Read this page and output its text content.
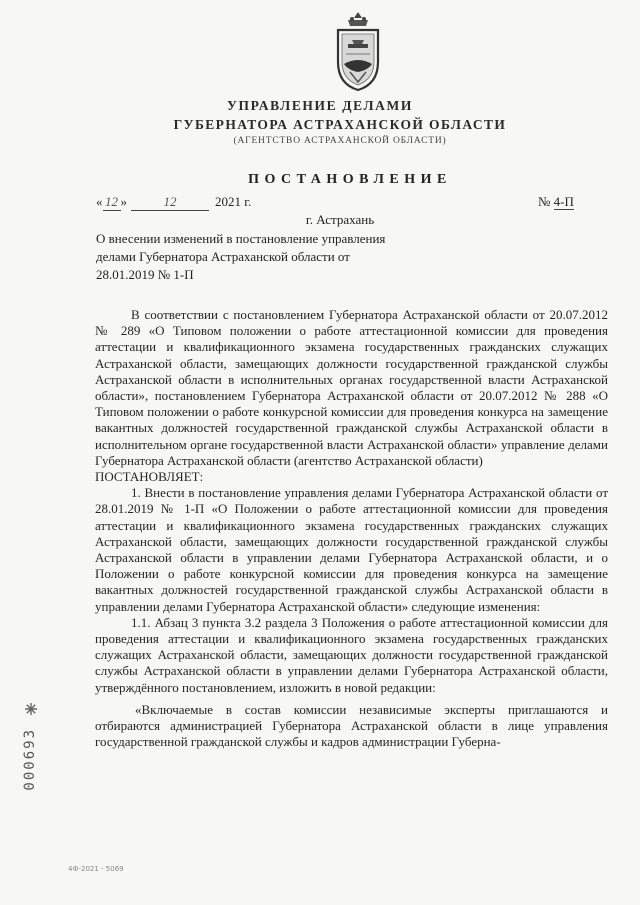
УПРАВЛЕНИЕ ДЕЛАМИ
ГУБЕРНАТОРА АСТРАХАНСКОЙ ОБЛАСТИ
(АГЕНТСТВО АСТРАХАНСКОЙ ОБЛАСТИ)
ПОСТАНОВЛЕНИЕ
« 12 »	12	2021 г.	№ 4-П
г. Астрахань
О внесении изменений в постановление управления делами Губернатора Астраханской области от 28.01.2019 № 1-П

В соответствии с постановлением Губернатора Астраханской области от 20.07.2012 № 289 «О Типовом положении о работе аттестационной комиссии для проведения аттестации и квалификационного экзамена государственных гражданских служащих Астраханской области, замещающих должности государственной гражданской службы Астраханской области в исполнительных органах государственной власти Астраханской области», постановлением Губернатора Астраханской области от 20.07.2012 № 288 «О Типовом положении о работе конкурсной комиссии для проведения конкурса на замещение вакантных должностей государственной гражданской службы Астраханской области в исполнительном органе государственной власти Астраханской области» управление делами Губернатора Астраханской области (агентство Астраханской области)

ПОСТАНОВЛЯЕТ:

1. Внести в постановление управления делами Губернатора Астраханской области от 28.01.2019 № 1-П «О Положении о работе аттестационной комиссии для проведения аттестации и квалификационного экзамена государственных гражданских служащих Астраханской области, замещающих должности государственной гражданской службы Астраханской области в управлении делами Губернатора Астраханской области, и о Положении о работе конкурсной комиссии для проведения конкурса на замещение вакантных должностей государственной гражданской службы Астраханской области в управлении делами Губернатора Астраханской области» следующие изменения:

1.1. Абзац 3 пункта 3.2 раздела 3 Положения о работе аттестационной комиссии для проведения аттестации и квалификационного экзамена государственных гражданских служащих Астраханской области, замещающих должности государственной гражданской службы Астраханской области в управлении делами Губернатора Астраханской области, утверждённого постановлением, изложить в новой редакции:

«Включаемые в состав комиссии независимые эксперты приглашаются и отбираются администрацией Губернатора Астраханской области в лице управления государственной гражданской службы и кадров администрации Губерна-

000693
4Ф-2021 - 5069
